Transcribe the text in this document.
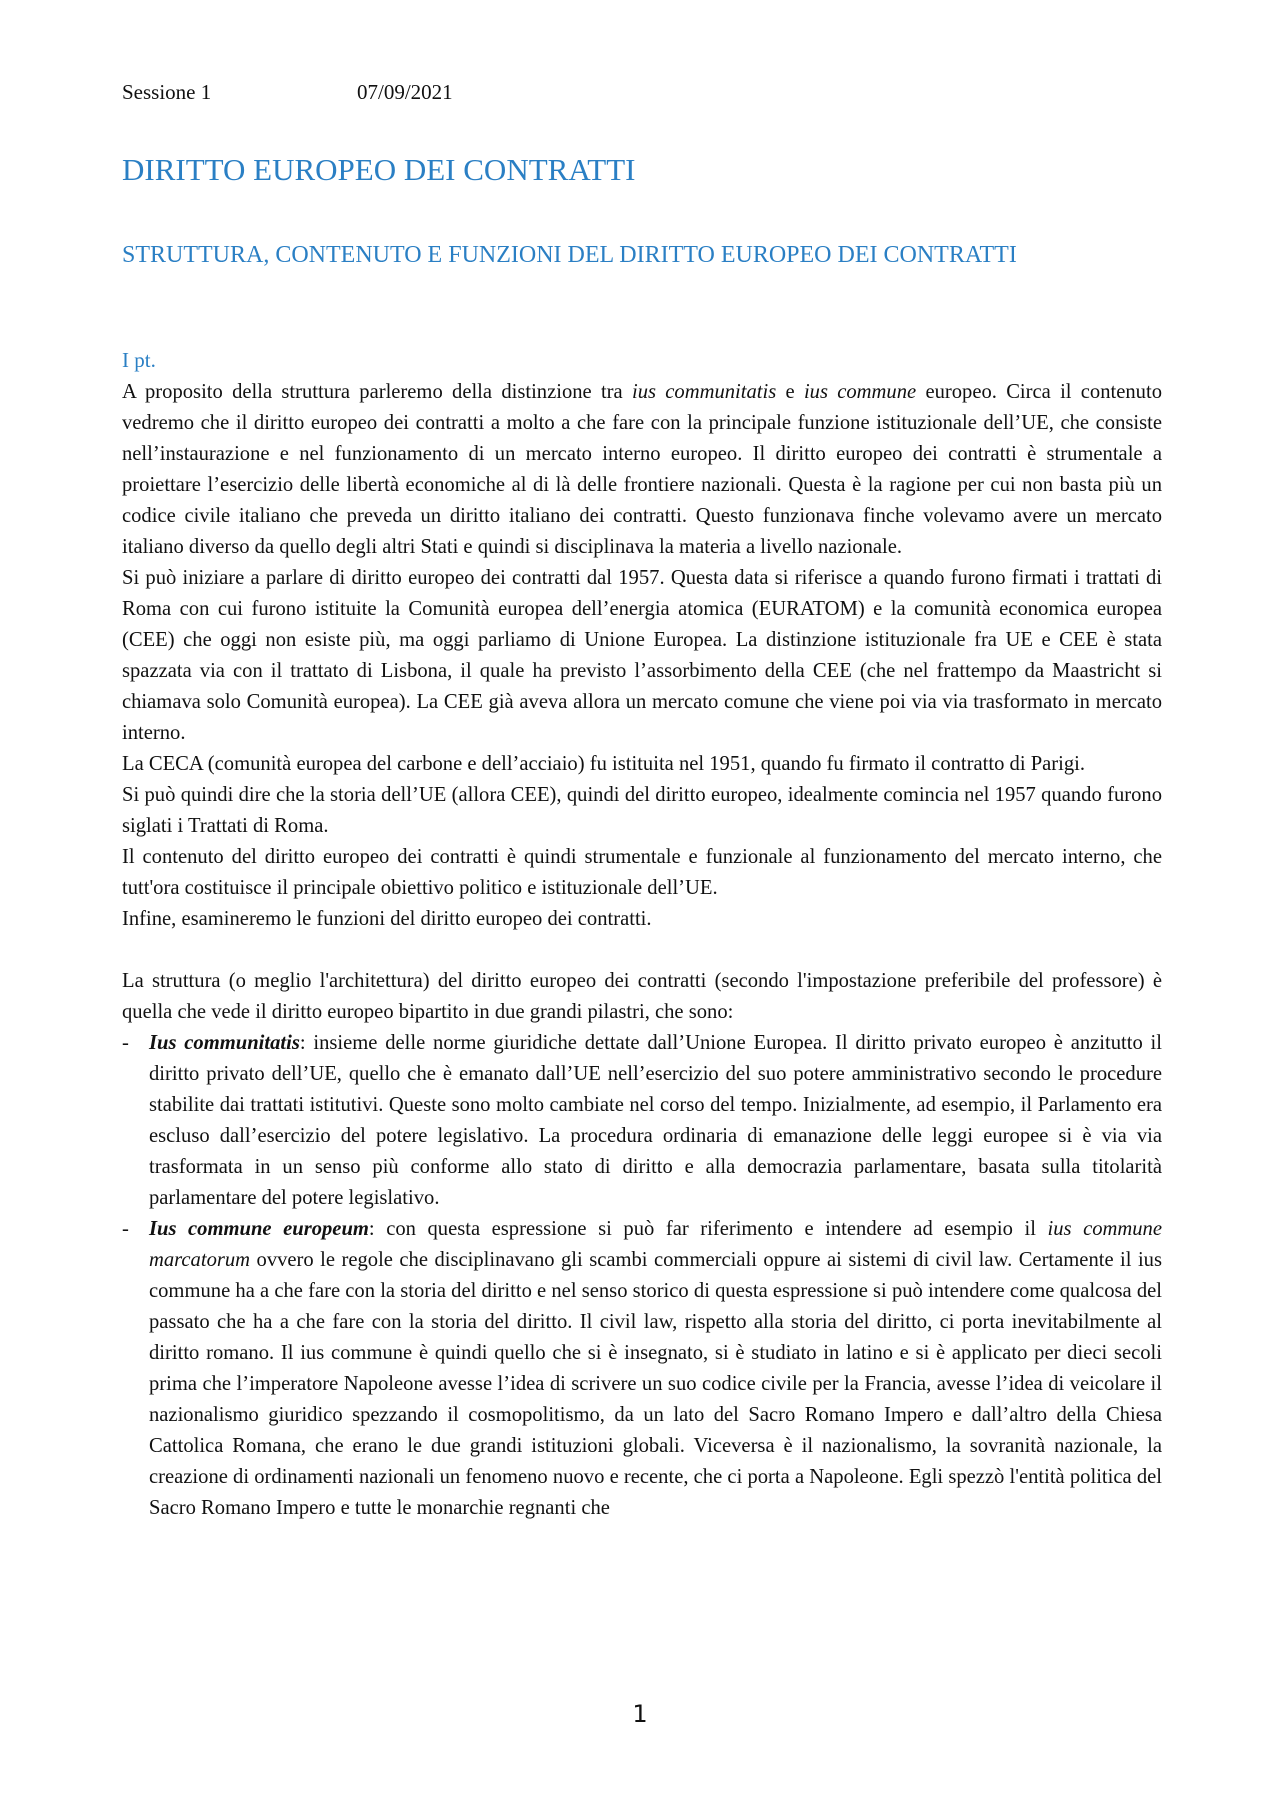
Sessione 1	07/09/2021
DIRITTO EUROPEO DEI CONTRATTI
STRUTTURA, CONTENUTO E FUNZIONI DEL DIRITTO EUROPEO DEI CONTRATTI
I pt.

A proposito della struttura parleremo della distinzione tra ius communitatis e ius commune europeo. Circa il contenuto vedremo che il diritto europeo dei contratti a molto a che fare con la principale funzione istituzionale dell’UE, che consiste nell’instaurazione e nel funzionamento di un mercato interno europeo. Il diritto europeo dei contratti è strumentale a proiettare l’esercizio delle libertà economiche al di là delle frontiere nazionali. Questa è la ragione per cui non basta più un codice civile italiano che preveda un diritto italiano dei contratti. Questo funzionava finche volevamo avere un mercato italiano diverso da quello degli altri Stati e quindi si disciplinava la materia a livello nazionale.

Si può iniziare a parlare di diritto europeo dei contratti dal 1957. Questa data si riferisce a quando furono firmati i trattati di Roma con cui furono istituite la Comunità europea dell’energia atomica (EURATOM) e la comunità economica europea (CEE) che oggi non esiste più, ma oggi parliamo di Unione Europea. La distinzione istituzionale fra UE e CEE è stata spazzata via con il trattato di Lisbona, il quale ha previsto l’assorbimento della CEE (che nel frattempo da Maastricht si chiamava solo Comunità europea). La CEE già aveva allora un mercato comune che viene poi via via trasformato in mercato interno.

La CECA (comunità europea del carbone e dell’acciaio) fu istituita nel 1951, quando fu firmato il contratto di Parigi.

Si può quindi dire che la storia dell’UE (allora CEE), quindi del diritto europeo, idealmente comincia nel 1957 quando furono siglati i Trattati di Roma.

Il contenuto del diritto europeo dei contratti è quindi strumentale e funzionale al funzionamento del mercato interno, che tutt'ora costituisce il principale obiettivo politico e istituzionale dell’UE.

Infine, esamineremo le funzioni del diritto europeo dei contratti.

La struttura (o meglio l'architettura) del diritto europeo dei contratti (secondo l'impostazione preferibile del professore) è quella che vede il diritto europeo bipartito in due grandi pilastri, che sono:

- Ius communitatis: insieme delle norme giuridiche dettate dall’Unione Europea. Il diritto privato europeo è anzitutto il diritto privato dell’UE, quello che è emanato dall’UE nell’esercizio del suo potere amministrativo secondo le procedure stabilite dai trattati istitutivi. Queste sono molto cambiate nel corso del tempo. Inizialmente, ad esempio, il Parlamento era escluso dall’esercizio del potere legislativo. La procedura ordinaria di emanazione delle leggi europee si è via via trasformata in un senso più conforme allo stato di diritto e alla democrazia parlamentare, basata sulla titolarità parlamentare del potere legislativo.

- Ius commune europeum: con questa espressione si può far riferimento e intendere ad esempio il ius commune marcatorum ovvero le regole che disciplinavano gli scambi commerciali oppure ai sistemi di civil law. Certamente il ius commune ha a che fare con la storia del diritto e nel senso storico di questa espressione si può intendere come qualcosa del passato che ha a che fare con la storia del diritto. Il civil law, rispetto alla storia del diritto, ci porta inevitabilmente al diritto romano. Il ius commune è quindi quello che si è insegnato, si è studiato in latino e si è applicato per dieci secoli prima che l’imperatore Napoleone avesse l’idea di scrivere un suo codice civile per la Francia, avesse l’idea di veicolare il nazionalismo giuridico spezzando il cosmopolitismo, da un lato del Sacro Romano Impero e dall’altro della Chiesa Cattolica Romana, che erano le due grandi istituzioni globali. Viceversa è il nazionalismo, la sovranità nazionale, la creazione di ordinamenti nazionali un fenomeno nuovo e recente, che ci porta a Napoleone. Egli spezzò l'entità politica del Sacro Romano Impero e tutte le monarchie regnanti che

1
